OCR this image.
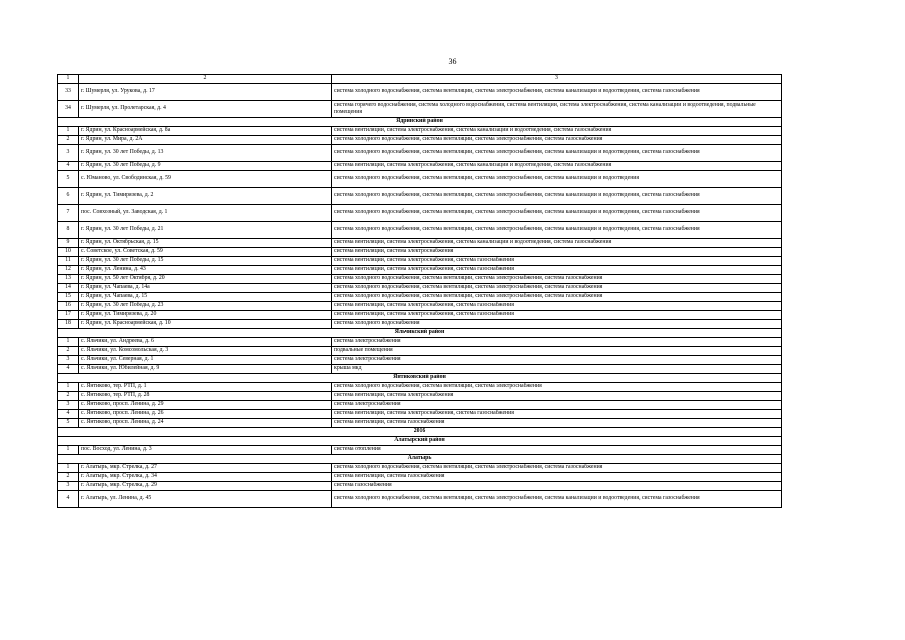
36
1	2	3
33	г. Шумерля, ул. Урукова, д. 17	система холодного водоснабжения, система вентиляции, система электроснабжения, система канализации и водоотведения, система газоснабжения
34	г. Шумерля, ул. Пролетарская, д. 4	система горячего водоснабжения, система холодного водоснабжения, система вентиляции, система электроснабжения, система канализации и водоотведения, подвальные помещения
Ядринский район		
1	г. Ядрин, ул. Красноармейская, д. 8а	система вентиляции, система электроснабжения, система канализации и водоотведения, система газоснабжения
2	г. Ядрин, ул. Мира, д. 2А	система холодного водоснабжения, система вентиляции, система электроснабжения, система газоснабжения
3	г. Ядрин, ул. 30 лет Победы, д. 13	система холодного водоснабжения, система вентиляции, система электроснабжения, система канализации и водоотведения, система газоснабжения
4	г. Ядрин, ул. 30 лет Победы, д. 9	система вентиляции, система электроснабжения, система канализации и водоотведения, система газоснабжения
5	с. Юманово, ул. Свободинская, д. 59	система холодного водоснабжения, система вентиляции, система электроснабжения, система канализации и водоотведения
6	г. Ядрин, ул. Тимирязева, д. 2	система холодного водоснабжения, система вентиляции, система электроснабжения, система канализации и водоотведения, система газоснабжения
7	пос. Совхозный, ул. Заводская, д. 1	система холодного водоснабжения, система вентиляции, система электроснабжения, система канализации и водоотведения, система газоснабжения
8	г. Ядрин, ул. 30 лет Победы, д. 21	система холодного водоснабжения, система вентиляции, система электроснабжения, система канализации и водоотведения, система газоснабжения
9	г. Ядрин, ул. Октябрьская, д. 15	система вентиляции, система электроснабжения, система канализации и водоотведения, система газоснабжения
10	с. Советское, ул. Советская, д. 59	система вентиляции, система электроснабжения
11	г. Ядрин, ул. 30 лет Победы, д. 15	система вентиляции, система электроснабжения, система газоснабжения
12	г. Ядрин, ул. Ленина, д. 43	система вентиляции, система электроснабжения, система газоснабжения
13	г. Ядрин, ул. 50 лет Октября, д. 20	система холодного водоснабжения, система вентиляции, система электроснабжения, система газоснабжения
14	г. Ядрин, ул. Чапаева, д. 14а	система холодного водоснабжения, система вентиляции, система электроснабжения, система газоснабжения
15	г. Ядрин, ул. Чапаева, д. 15	система холодного водоснабжения, система вентиляции, система электроснабжения, система газоснабжения
16	г. Ядрин, ул. 30 лет Победы, д. 23	система вентиляции, система электроснабжения, система газоснабжения
17	г. Ядрин, ул. Тимирязева, д. 20	система вентиляции, система электроснабжения, система газоснабжения
18	г. Ядрин, ул. Красноармейская, д. 10	система холодного водоснабжения
Яльчикский район		
1	с. Яльчики, ул. Андреева, д. 6	система электроснабжения
2	с. Яльчики, ул. Комсомольская, д. 3	подвальные помещения
3	с. Яльчики, ул. Северная, д. 1	система электроснабжения
4	с. Яльчики, ул. Юбилейная, д. 9	крыша мкд
Янтиковский район		
1	с. Янтиково, тер. РТП, д. 1	система холодного водоснабжения, система вентиляции, система электроснабжения
2	с. Янтиково, тер. РТП, д. 28	система вентиляции, система электроснабжения
3	с. Янтиково, просп. Ленина, д. 29	система электроснабжения
4	с. Янтиково, просп. Ленина, д. 26	система вентиляции, система электроснабжения, система газоснабжения
5	с. Янтиково, просп. Ленина, д. 24	система вентиляции, система газоснабжения
2016		
Алатырский район		
1	пос. Восход, ул. Ленина, д. 3	система отопления
Алатырь		
1	г. Алатырь, мкр. Стрелка, д. 27	система холодного водоснабжения, система вентиляции, система электроснабжения, система газоснабжения
2	г. Алатырь, мкр. Стрелка, д. 34	система вентиляции, система газоснабжения
3	г. Алатырь, мкр. Стрелка, д. 29	система газоснабжения
4	г. Алатырь, ул. Ленина, д. 45	система холодного водоснабжения, система вентиляции, система электроснабжения, система канализации и водоотведения, система газоснабжения
